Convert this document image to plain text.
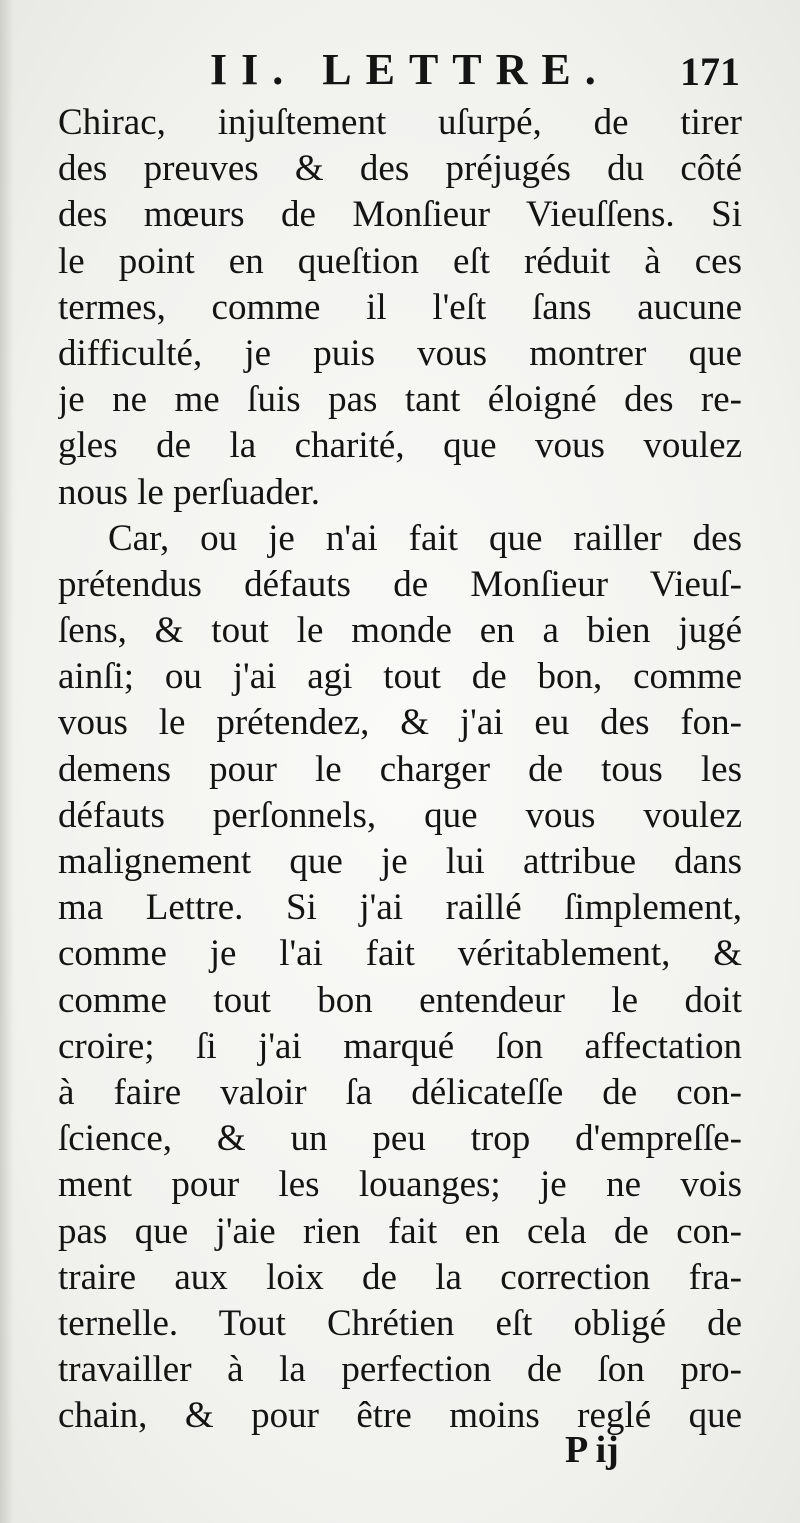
II. LETTRE. 171
Chirac, injuſtement uſurpé, de tirer
des preuves & des préjugés du côté
des mœurs de Monſieur Vieuſſens. Si
le point en queſtion eſt réduit à ces
termes, comme il l'eſt ſans aucune
difficulté, je puis vous montrer que
je ne me ſuis pas tant éloigné des re-
gles de la charité, que vous voulez
nous le perſuader.
Car, ou je n'ai fait que railler des
prétendus défauts de Monſieur Vieuſ-
ſens, & tout le monde en a bien jugé
ainſi; ou j'ai agi tout de bon, comme
vous le prétendez, & j'ai eu des fon-
demens pour le charger de tous les
défauts perſonnels, que vous voulez
malignement que je lui attribue dans
ma Lettre. Si j'ai raillé ſimplement,
comme je l'ai fait véritablement, &
comme tout bon entendeur le doit
croire; ſi j'ai marqué ſon affectation
à faire valoir ſa délicateſſe de con-
ſcience, & un peu trop d'empreſſe-
ment pour les louanges; je ne vois
pas que j'aie rien fait en cela de con-
traire aux loix de la correction fra-
ternelle. Tout Chrétien eſt obligé de
travailler à la perfection de ſon pro-
chain, & pour être moins reglé que
P ij
